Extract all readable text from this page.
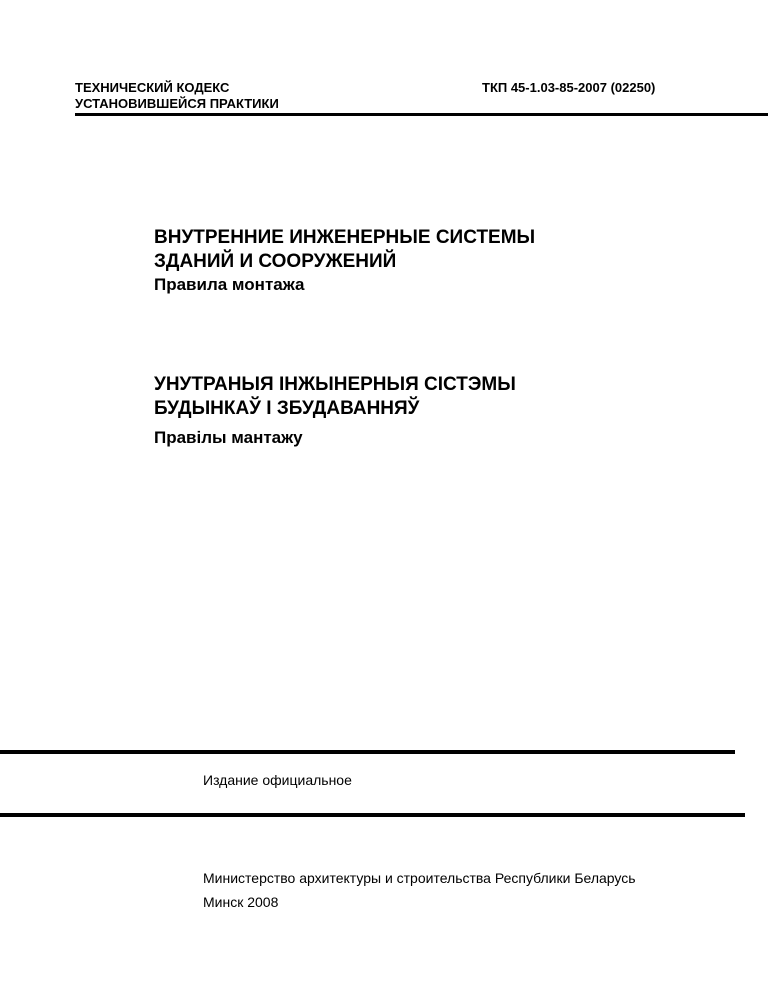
ТЕХНИЧЕСКИЙ КОДЕКС
УСТАНОВИВШЕЙСЯ ПРАКТИКИ
ТКП 45-1.03-85-2007 (02250)
ВНУТРЕННИЕ ИНЖЕНЕРНЫЕ СИСТЕМЫ
ЗДАНИЙ И СООРУЖЕНИЙ
Правила монтажа
УНУТРАНЫЯ ІНЖЫНЕРНЫЯ СІСТЭМЫ
БУДЫНКАЎ І ЗБУДАВАННЯЎ
Правілы мантажу
Издание официальное
Министерство архитектуры и строительства Республики Беларусь
Минск 2008
